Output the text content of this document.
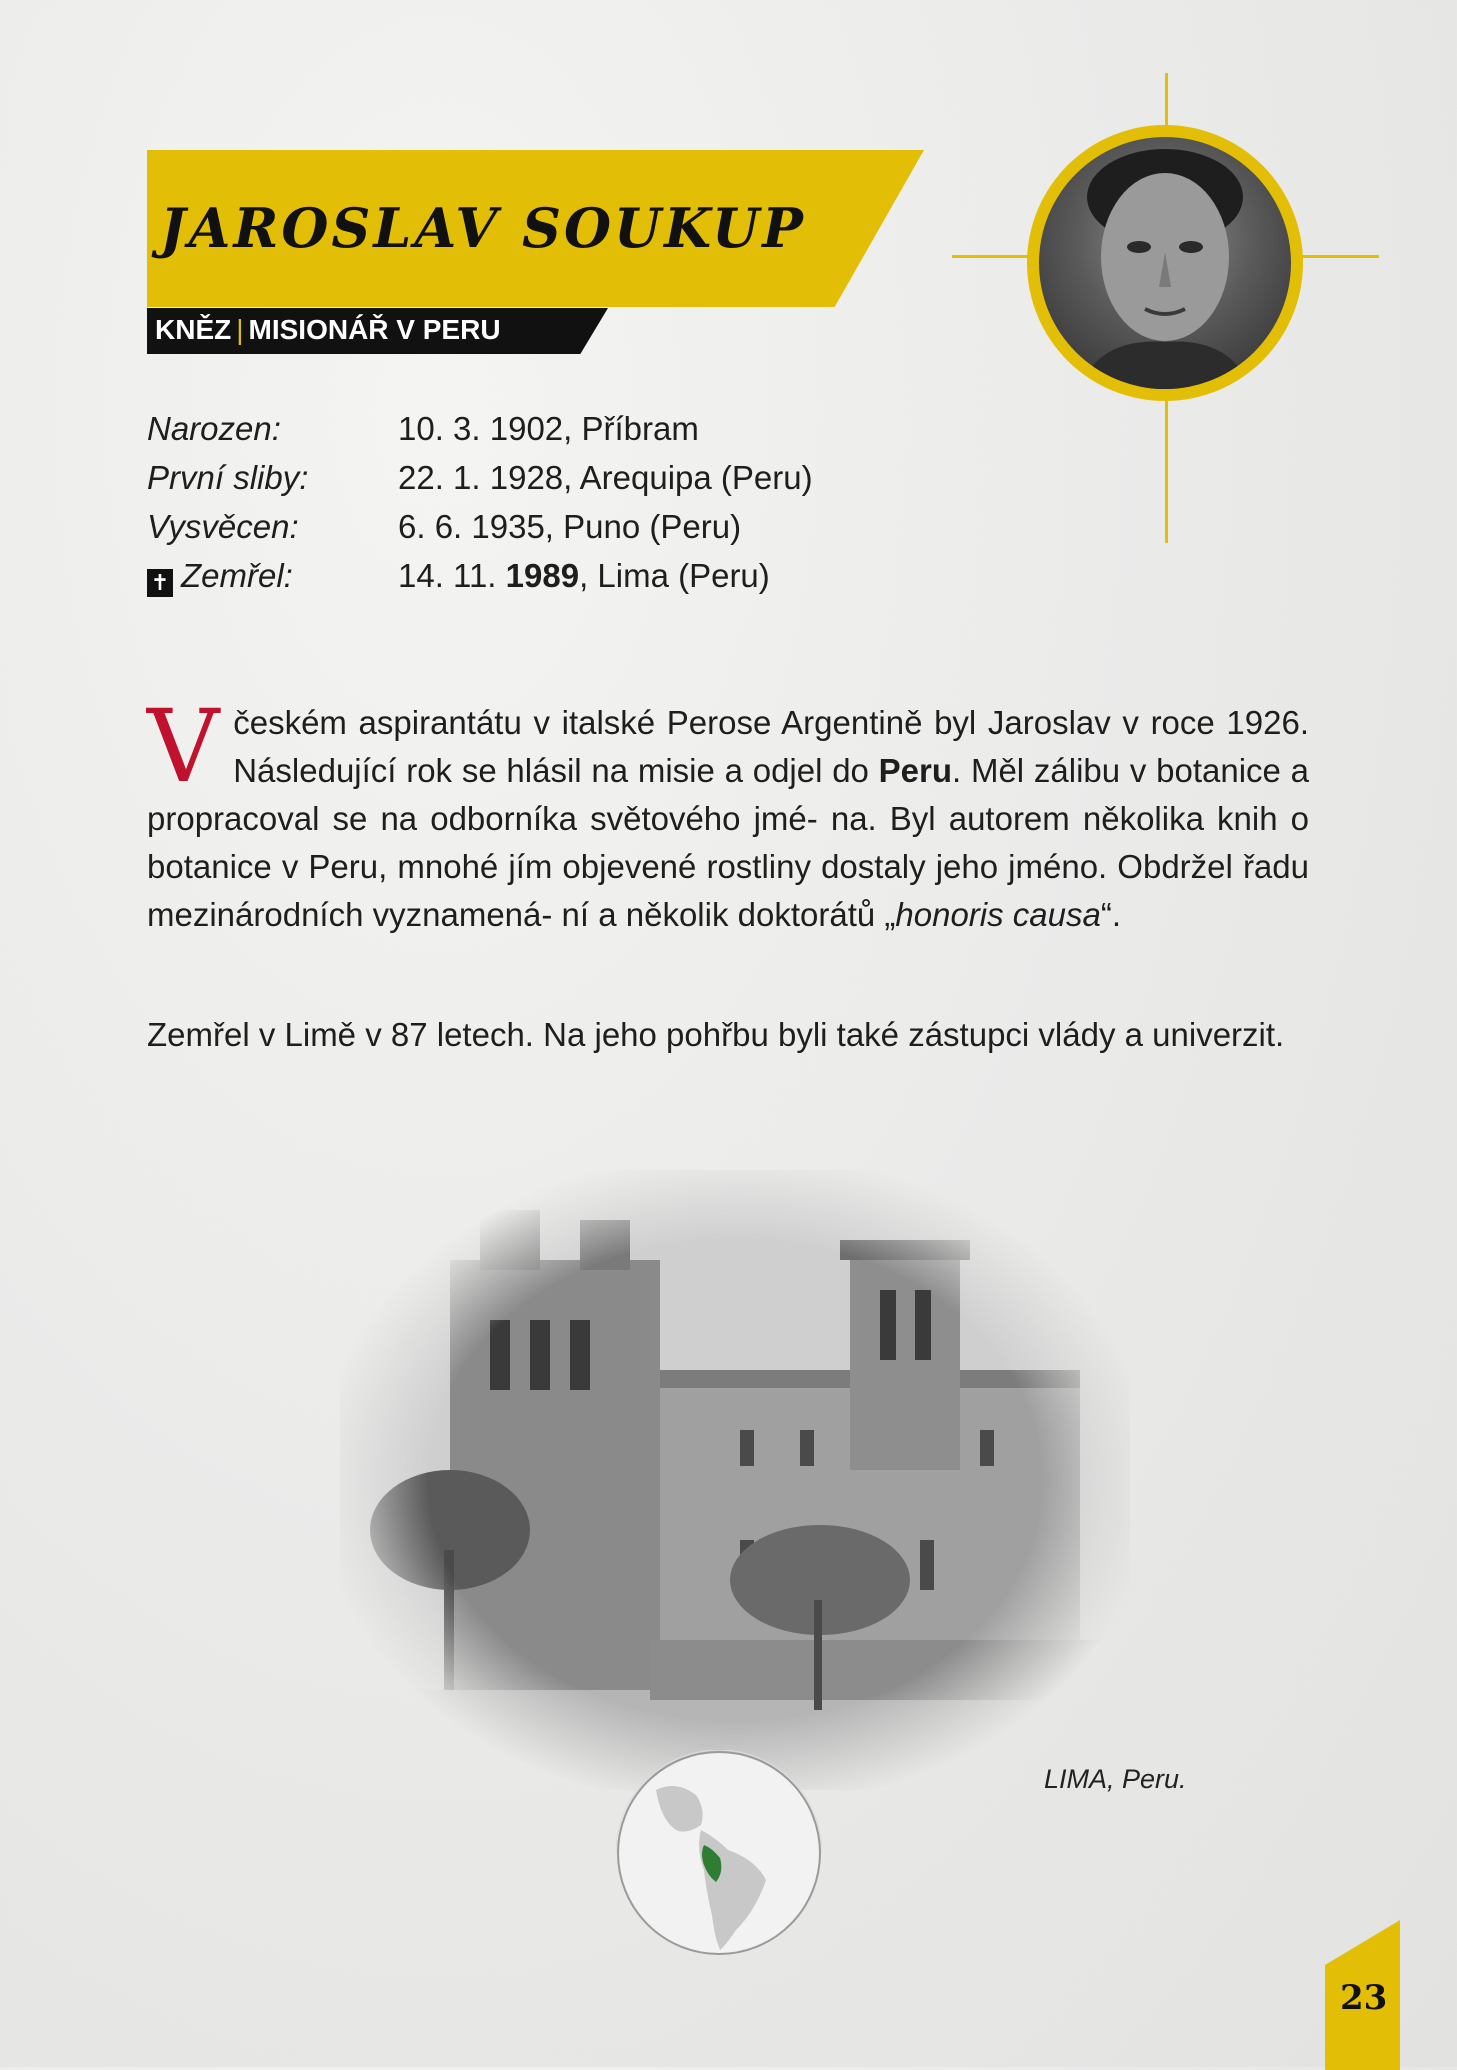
JAROSLAV SOUKUP
KNĚZ | MISIONÁŘ V PERU
Narozen:	10. 3. 1902, Příbram
První sliby:	22. 1. 1928, Arequipa (Peru)
Vysvěcen:	6. 6. 1935, Puno (Peru)
✝ Zemřel:	14. 11. 1989, Lima (Peru)
Včeském aspirantátu v italské Perose Argentině byl Jaroslav v roce 1926. Následující rok se hlásil na misie a odjel do Peru. Měl zálibu v botanice a propracoval se na odborníka světového jmé- na. Byl autorem několika knih o botanice v Peru, mnohé jím objevené rostliny dostaly jeho jméno. Obdržel řadu mezinárodních vyznamená- ní a několik doktorátů „honoris causa“.
Zemřel v Limě v 87 letech. Na jeho pohřbu byli také zástupci vlády a univerzit.
LIMA, Peru.
23
